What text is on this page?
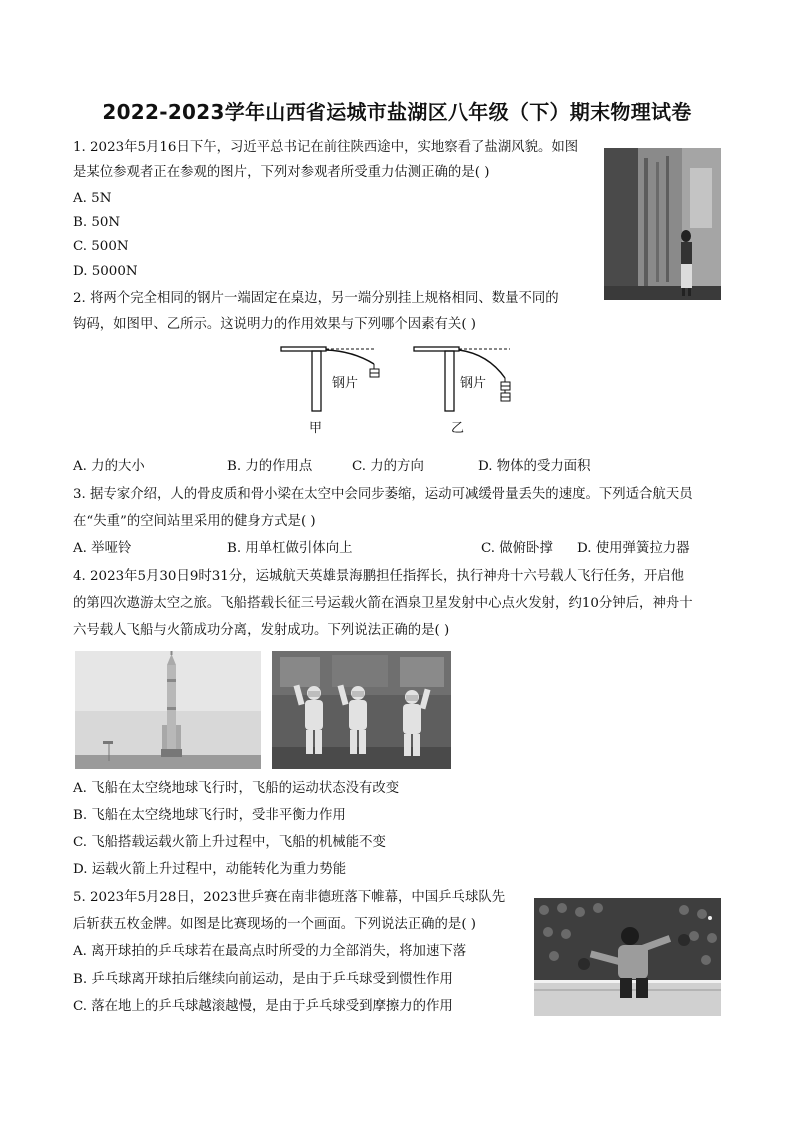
2022-2023学年山西省运城市盐湖区八年级（下）期末物理试卷
1. 2023年5月16日下午，习近平总书记在前往陕西途中，实地察看了盐湖风貌。如图
是某位参观者正在参观的图片，下列对参观者所受重力估测正确的是( )
A. 5N
B. 50N
C. 500N
D. 5000N
2. 将两个完全相同的钢片一端固定在桌边，另一端分别挂上规格相同、数量不同的
钩码，如图甲、乙所示。这说明力的作用效果与下列哪个因素有关( )
钢片	钢片
甲	乙
A. 力的大小	B. 力的作用点	C. 力的方向	D. 物体的受力面积
3. 据专家介绍，人的骨皮质和骨小梁在太空中会同步萎缩，运动可减缓骨量丢失的速度。下列适合航天员
在“失重”的空间站里采用的健身方式是( )
A. 举哑铃	B. 用单杠做引体向上	C. 做俯卧撑 D. 使用弹簧拉力器
4. 2023年5月30日9时31分，运城航天英雄景海鹏担任指挥长，执行神舟十六号载人飞行任务，开启他
的第四次遨游太空之旅。飞船搭载长征三号运载火箭在酒泉卫星发射中心点火发射，约10分钟后，神舟十
六号载人飞船与火箭成功分离，发射成功。下列说法正确的是( )
A. 飞船在太空绕地球飞行时，飞船的运动状态没有改变
B. 飞船在太空绕地球飞行时，受非平衡力作用
C. 飞船搭载运载火箭上升过程中，飞船的机械能不变
D. 运载火箭上升过程中，动能转化为重力势能
5. 2023年5月28日，2023世乒赛在南非德班落下帷幕，中国乒乓球队先
后斩获五枚金牌。如图是比赛现场的一个画面。下列说法正确的是( )
A. 离开球拍的乒乓球若在最高点时所受的力全部消失，将加速下落
B. 乒乓球离开球拍后继续向前运动，是由于乒乓球受到惯性作用
C. 落在地上的乒乓球越滚越慢，是由于乒乓球受到摩擦力的作用
